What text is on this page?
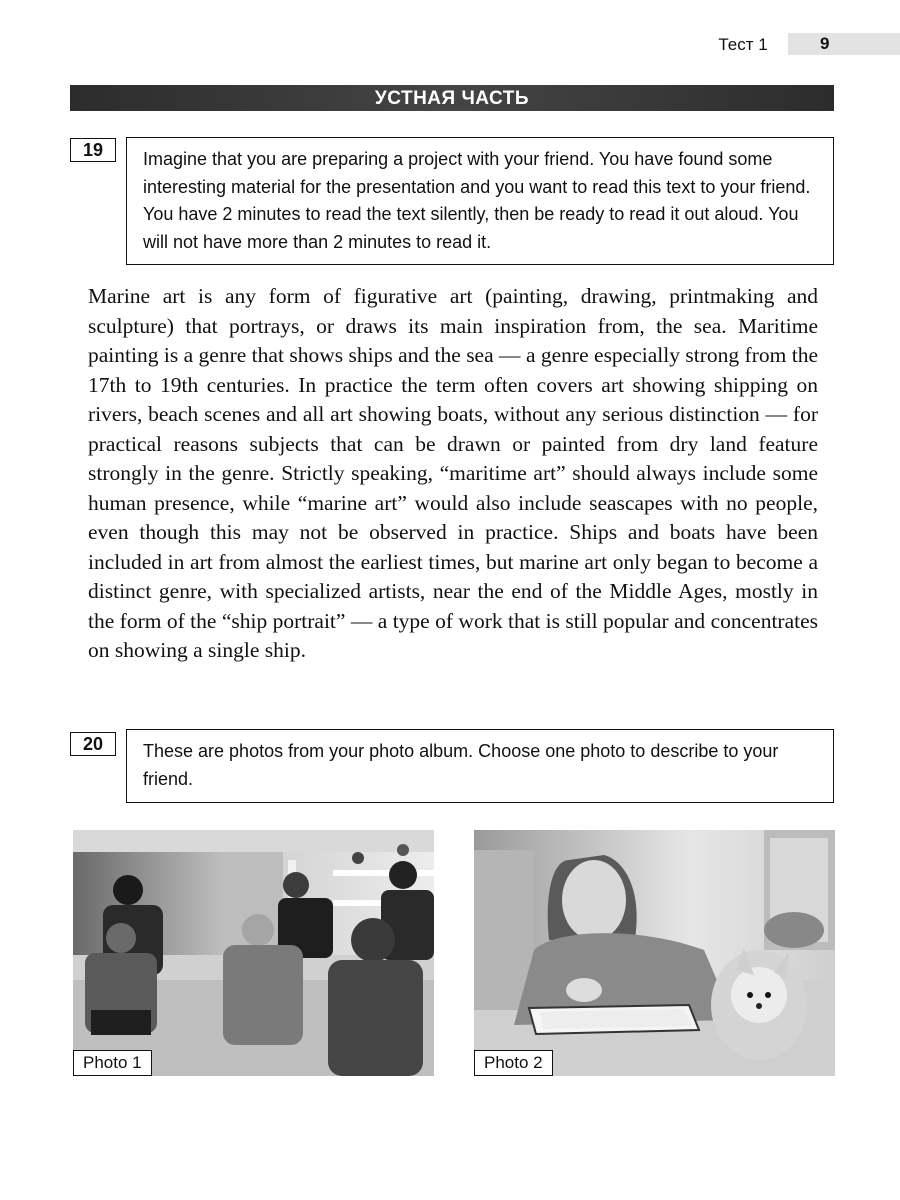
Тест 1	9
УСТНАЯ ЧАСТЬ
19	Imagine that you are preparing a project with your friend. You have found some interesting material for the presentation and you want to read this text to your friend. You have 2 minutes to read the text silently, then be ready to read it out aloud. You will not have more than 2 minutes to read it.

Marine art is any form of figurative art (painting, drawing, printmaking and sculpture) that portrays, or draws its main inspiration from, the sea. Maritime painting is a genre that shows ships and the sea — a genre especially strong from the 17th to 19th centuries. In practice the term often covers art showing shipping on rivers, beach scenes and all art showing boats, without any serious distinction — for practical reasons subjects that can be drawn or painted from dry land feature strongly in the genre. Strictly speaking, “maritime art” should always include some human presence, while “marine art” would also include seascapes with no people, even though this may not be observed in practice. Ships and boats have been included in art from almost the earliest times, but marine art only began to become a distinct genre, with specialized artists, near the end of the Middle Ages, mostly in the form of the “ship portrait” — a type of work that is still popular and concentrates on showing a single ship.

20	These are photos from your photo album. Choose one photo to describe to your friend.
Photo 1	Photo 2
